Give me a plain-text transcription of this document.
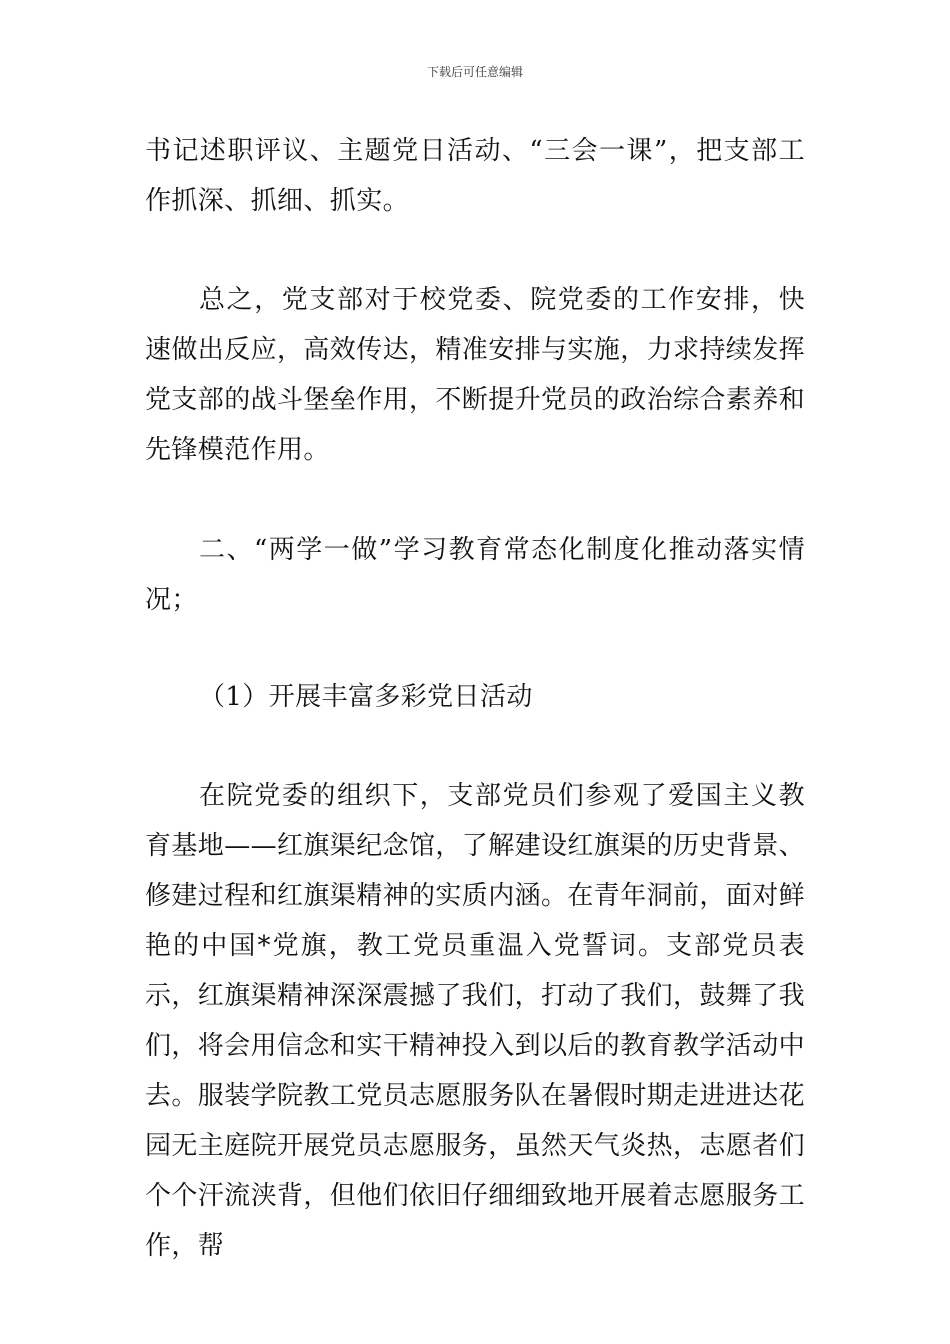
下载后可任意编辑

书记述职评议、主题党日活动、“三会一课”，把支部工作抓深、抓细、抓实。

总之，党支部对于校党委、院党委的工作安排，快速做出反应，高效传达，精准安排与实施，力求持续发挥党支部的战斗堡垒作用，不断提升党员的政治综合素养和先锋模范作用。

二、“两学一做”学习教育常态化制度化推动落实情况；

（1）开展丰富多彩党日活动

在院党委的组织下，支部党员们参观了爱国主义教育基地——红旗渠纪念馆，了解建设红旗渠的历史背景、修建过程和红旗渠精神的实质内涵。在青年洞前，面对鲜艳的中国*党旗，教工党员重温入党誓词。支部党员表示，红旗渠精神深深震撼了我们，打动了我们，鼓舞了我们，将会用信念和实干精神投入到以后的教育教学活动中去。服装学院教工党员志愿服务队在暑假时期走进进达花园无主庭院开展党员志愿服务，虽然天气炎热，志愿者们个个汗流浃背，但他们依旧仔细细致地开展着志愿服务工作，帮
